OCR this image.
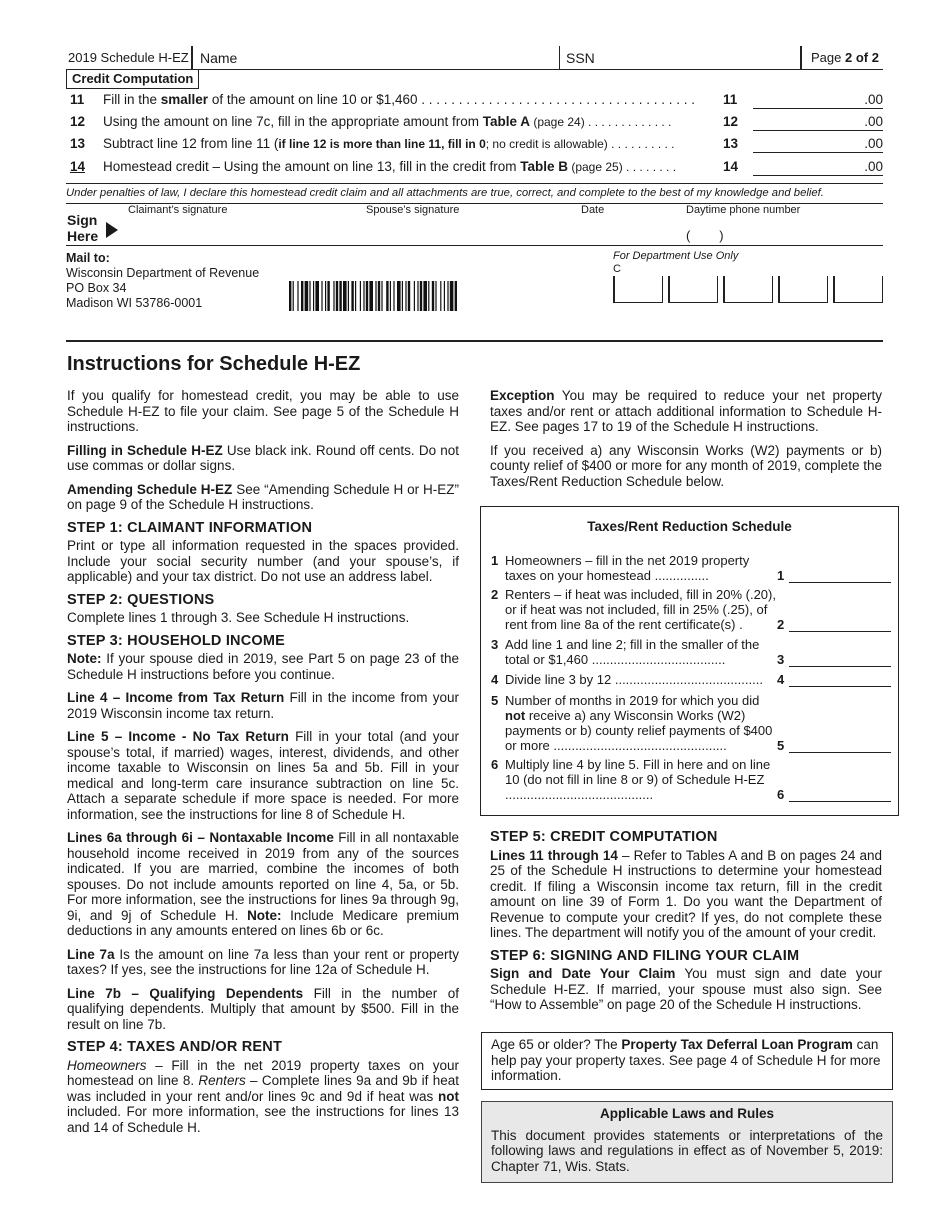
2019 Schedule H-EZ Name	SSN	Page 2 of 2
Credit Computation
11 Fill in the smaller of the amount on line 10 or $1,460 . . . . . . . . . . . . . . . . . . . . . . . . . . . . . . . . . . . . . 11	.00
12 Using the amount on line 7c, fill in the appropriate amount from Table A (page 24) . . . . . . . . . . . . .	12	.00
13 Subtract line 12 from line 11 (if line 12 is more than line 11, fill in 0; no credit is allowable) . . . . . . . . . .	13	.00
14 Homestead credit – Using the amount on line 13, fill in the credit from Table B (page 25) . . . . . . . .	14	.00
Under penalties of law, I declare this homestead credit claim and all attachments are true, correct, and complete to the best of my knowledge and belief.
Sign
Here
Claimant’s signature	Spouse’s signature	Date	Daytime phone number
(        )
Mail to:
Wisconsin Department of Revenue
PO Box 34
Madison WI 53786-0001
For Department Use Only
C
Instructions for Schedule H-EZ

If you qualify for homestead credit, you may be able to use Schedule H-EZ to file your claim. See page 5 of the Schedule H instructions.

Filling in Schedule H-EZ Use black ink. Round off cents. Do not use commas or dollar signs.

Amending Schedule H-EZ See “Amending Schedule H or H-EZ” on page 9 of the Schedule H instructions.

STEP 1: CLAIMANT INFORMATION

Print or type all information requested in the spaces provided. Include your social security number (and your spouse’s, if applicable) and your tax district. Do not use an address label.

STEP 2: QUESTIONS

Complete lines 1 through 3. See Schedule H instructions.

STEP 3: HOUSEHOLD INCOME

Note: If your spouse died in 2019, see Part 5 on page 23 of the Schedule H instructions before you continue.

Line 4 – Income from Tax Return Fill in the income from your 2019 Wisconsin income tax return.

Line 5 – Income - No Tax Return Fill in your total (and your spouse’s total, if married) wages, interest, dividends, and other income taxable to Wisconsin on lines 5a and 5b. Fill in your medical and long-term care insurance subtraction on line 5c. Attach a separate schedule if more space is needed. For more information, see the instructions for line 8 of Schedule H.

Lines 6a through 6i – Nontaxable Income Fill in all nontaxable household income received in 2019 from any of the sources indicated. If you are married, combine the incomes of both spouses. Do not include amounts reported on line 4, 5a, or 5b. For more information, see the instructions for lines 9a through 9g, 9i, and 9j of Schedule H. Note: Include Medicare premium deductions in any amounts entered on lines 6b or 6c.

Line 7a Is the amount on line 7a less than your rent or property taxes? If yes, see the instructions for line 12a of Schedule H.

Line 7b – Qualifying Dependents Fill in the number of qualifying dependents. Multiply that amount by $500. Fill in the result on line 7b.

STEP 4: TAXES AND/OR RENT

Homeowners – Fill in the net 2019 property taxes on your homestead on line 8. Renters – Complete lines 9a and 9b if heat was included in your rent and/or lines 9c and 9d if heat was not included. For more information, see the instructions for lines 13 and 14 of Schedule H.

Exception You may be required to reduce your net property taxes and/or rent or attach additional information to Schedule H-EZ. See pages 17 to 19 of the Schedule H instructions.

If you received a) any Wisconsin Works (W2) payments or b) county relief of $400 or more for any month of 2019, complete the Taxes/Rent Reduction Schedule below.

Taxes/Rent Reduction Schedule
1 Homeowners – fill in the net 2019 property taxes on your homestead ...............	1
2 Renters – if heat was included, fill in 20% (.20), or if heat was not included, fill in 25% (.25), of rent from line 8a of the rent certificate(s) .	2
3 Add line 1 and line 2; fill in the smaller of the total or $1,460 .....................................	3
4 Divide line 3 by 12 .........................................	4
5 Number of months in 2019 for which you did not receive a) any Wisconsin Works (W2) payments or b) county relief payments of $400 or more ................................................	5
6 Multiply line 4 by line 5. Fill in here and on line 10 (do not fill in line 8 or 9) of Schedule H-EZ .........................................	6
STEP 5: CREDIT COMPUTATION

Lines 11 through 14 – Refer to Tables A and B on pages 24 and 25 of the Schedule H instructions to determine your homestead credit. If filing a Wisconsin income tax return, fill in the credit amount on line 39 of Form 1. Do you want the Department of Revenue to compute your credit? If yes, do not complete these lines. The department will notify you of the amount of your credit.

STEP 6: SIGNING AND FILING YOUR CLAIM

Sign and Date Your Claim You must sign and date your Schedule H-EZ. If married, your spouse must also sign. See “How to Assemble” on page 20 of the Schedule H instructions.

Age 65 or older? The Property Tax Deferral Loan Program can help pay your property taxes. See page 4 of Schedule H for more information.
Applicable Laws and Rules
This document provides statements or interpretations of the following laws and regulations in effect as of November 5, 2019: Chapter 71, Wis. Stats.
